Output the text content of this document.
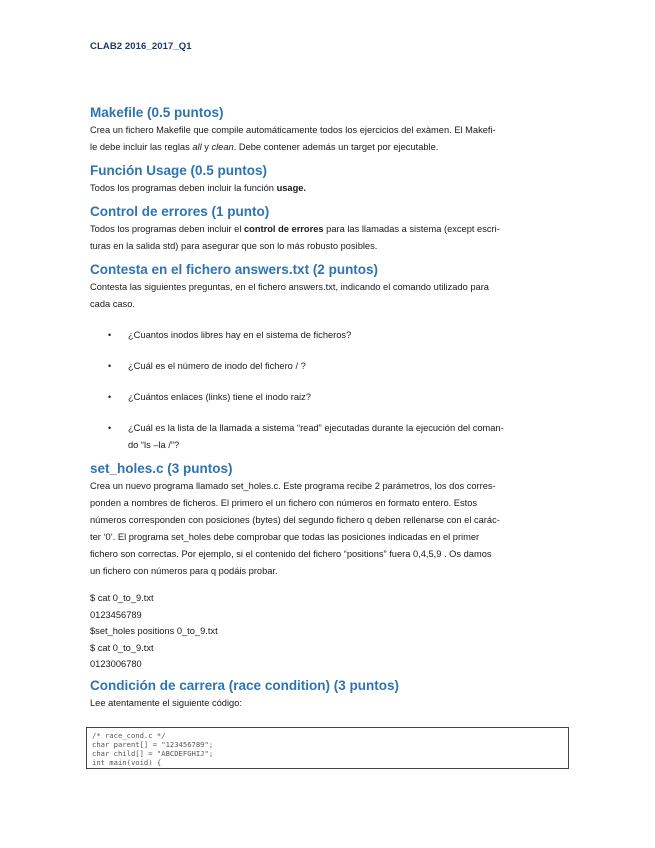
CLAB2 2016_2017_Q1
Makefile (0.5 puntos)

Crea un fichero Makefile que compile automáticamente todos los ejercicios del exàmen. El Makefi-
le debe incluir las reglas all y clean. Debe contener además un target por ejecutable.

Función Usage (0.5 puntos)

Todos los programas deben incluir la función usage.

Control de errores (1 punto)

Todos los programas deben incluir el control de errores para las llamadas a sistema (except escri-
turas en la salida std) para asegurar que son lo más robusto posibles.

Contesta en el fichero answers.txt (2 puntos)

Contesta las siguientes preguntas, en el fichero answers.txt, indicando el comando utilizado para
cada caso.

• ¿Cuantos inodos libres hay en el sistema de ficheros?
• ¿Cuál es el número de inodo del fichero / ?
• ¿Cuántos enlaces (links) tiene el inodo raiz?
• ¿Cuál es la lista de la llamada a sistema “read” ejecutadas durante la ejecución del coman-
do “ls –la /”?
set_holes.c (3 puntos)

Crea un nuevo programa llamado set_holes.c. Este programa recibe 2 parámetros, los dos corres-
ponden a nombres de ficheros. El primero el un fichero con números en formato entero. Estos
números corresponden con posiciones (bytes) del segundo fichero q deben rellenarse con el carác-
ter ‘0’. El programa set_holes debe comprobar que todas las posiciones indicadas en el primer
fichero son correctas. Por ejemplo, si el contenido del fichero “positions” fuera 0,4,5,9 . Os damos
un fichero con números para q podáis probar.

$ cat 0_to_9.txt
0123456789
$set_holes positions 0_to_9.txt
$ cat 0_to_9.txt
0123006780
Condición de carrera (race condition) (3 puntos)

Lee atentamente el siguiente código:

/* race_cond.c */
char parent[] = "123456789";
char child[] = "ABCDEFGHIJ";
int main(void) {
